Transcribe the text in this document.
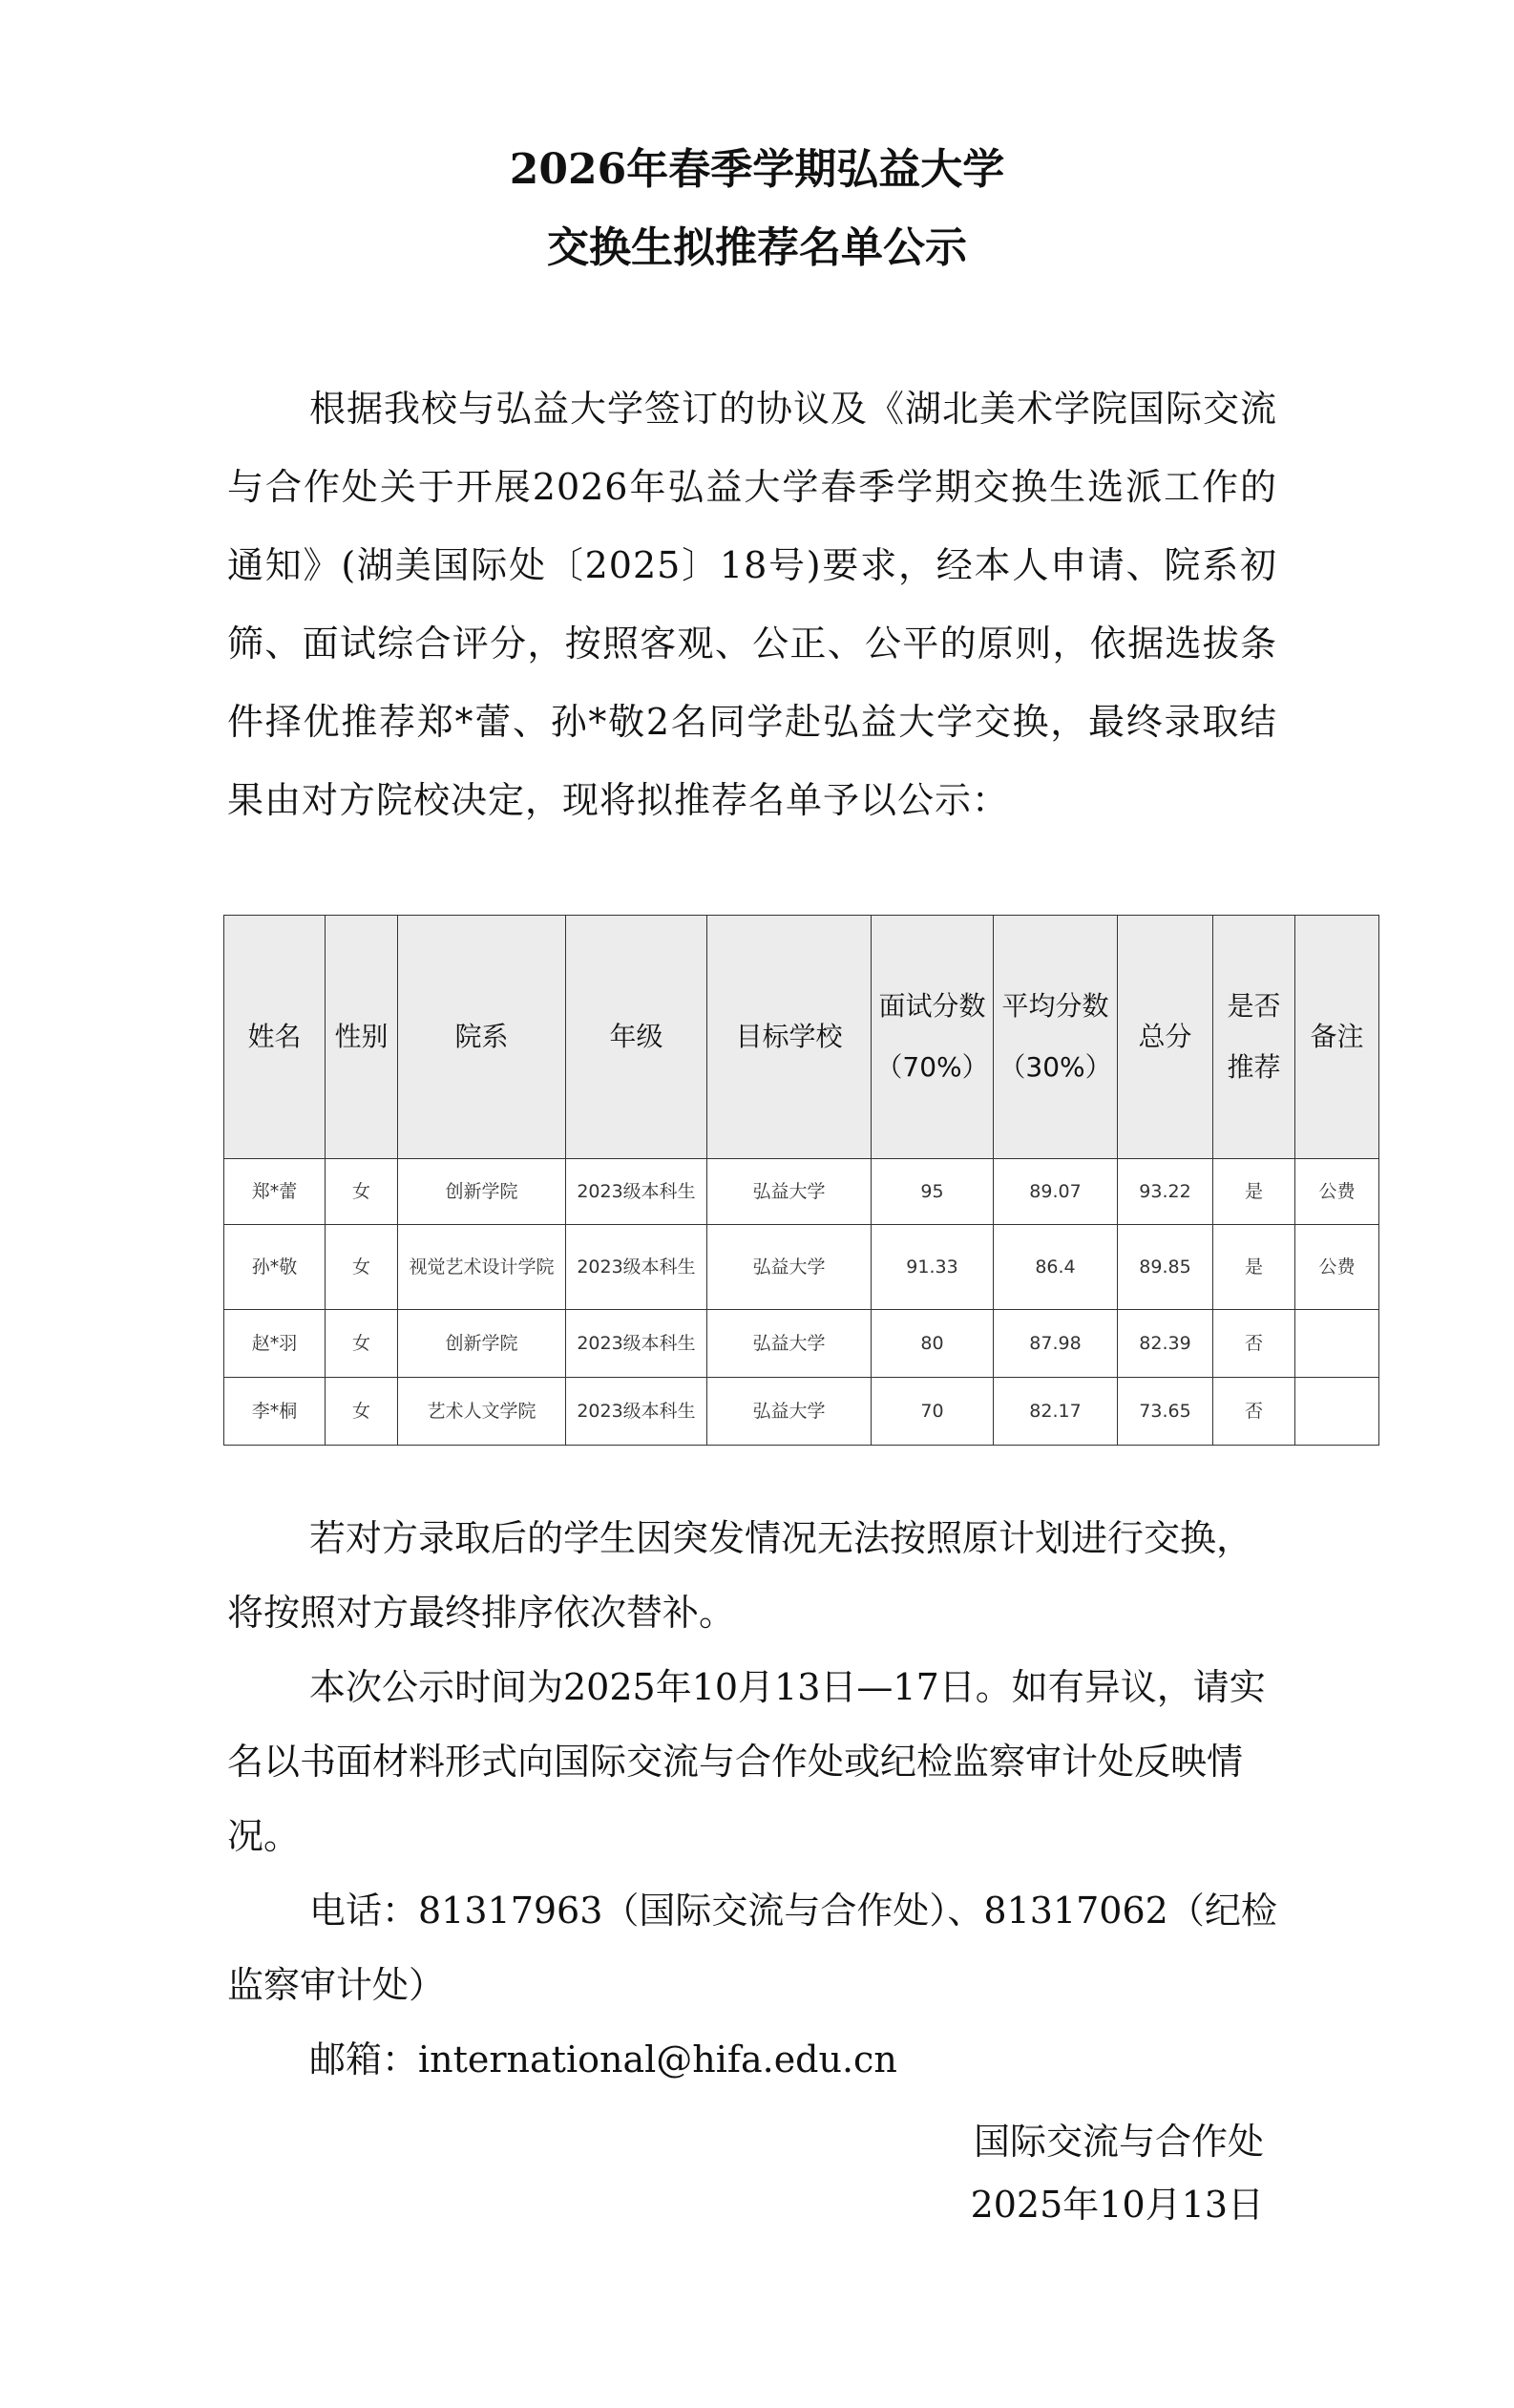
2026年春季学期弘益大学
交换生拟推荐名单公示
根据我校与弘益大学签订的协议及《湖北美术学院国际交流与合作处关于开展2026年弘益大学春季学期交换生选派工作的通知》(湖美国际处〔2025〕18号)要求，经本人申请、院系初筛、面试综合评分，按照客观、公正、公平的原则，依据选拔条件择优推荐郑*蕾、孙*敬2名同学赴弘益大学交换，最终录取结果由对方院校决定，现将拟推荐名单予以公示：
姓名	性别	院系	年级	目标学校	面试分数（70%）	平均分数（30%）	总分	是否推荐	备注
郑*蕾	女	创新学院	2023级本科生	弘益大学	95	89.07	93.22	是	公费
孙*敬	女	视觉艺术设计学院	2023级本科生	弘益大学	91.33	86.4	89.85	是	公费
赵*羽	女	创新学院	2023级本科生	弘益大学	80	87.98	82.39	否	
李*桐	女	艺术人文学院	2023级本科生	弘益大学	70	82.17	73.65	否	

若对方录取后的学生因突发情况无法按照原计划进行交换，将按照对方最终排序依次替补。

本次公示时间为2025年10月13日—17日。如有异议，请实名以书面材料形式向国际交流与合作处或纪检监察审计处反映情况。

电话：81317963（国际交流与合作处）、81317062（纪检监察审计处）

邮箱：international@hifa.edu.cn

国际交流与合作处
2025年10月13日
